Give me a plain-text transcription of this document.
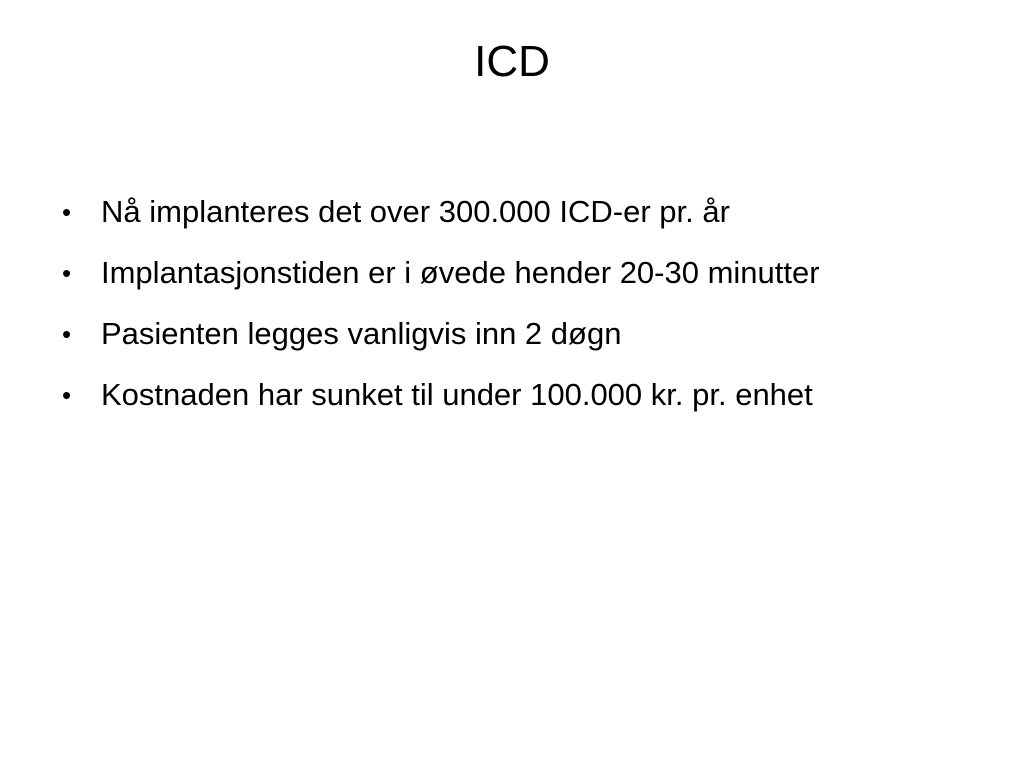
ICD
• Nå implanteres det over 300.000 ICD-er pr. år
• Implantasjonstiden er i øvede hender 20-30 minutter
• Pasienten legges vanligvis inn 2 døgn
• Kostnaden har sunket til under 100.000 kr. pr. enhet
